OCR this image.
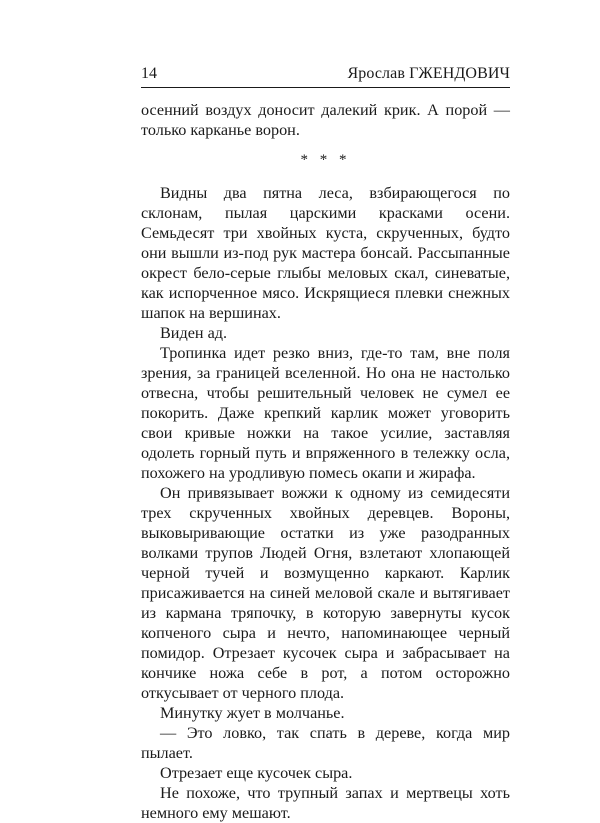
14	Ярослав ГЖЕНДОВИЧ

осенний воздух доносит далекий крик. А порой — только карканье ворон.

* * *

Видны два пятна леса, взбирающегося по склонам, пылая царскими красками осени. Семьдесят три хвойных куста, скрученных, будто они вышли из-под рук мастера бонсай. Рассыпанные окрест бело-серые глыбы меловых скал, синеватые, как испорченное мясо. Искрящиеся плевки снежных шапок на вершинах.

Виден ад.

Тропинка идет резко вниз, где-то там, вне поля зрения, за границей вселенной. Но она не настолько отвесна, чтобы решительный человек не сумел ее покорить. Даже крепкий карлик может уговорить свои кривые ножки на такое усилие, заставляя одолеть горный путь и впряженного в тележку осла, похожего на уродливую помесь окапи и жирафа.

Он привязывает вожжи к одному из семидесяти трех скрученных хвойных деревцев. Вороны, выковыривающие остатки из уже разодранных волками трупов Людей Огня, взлетают хлопающей черной тучей и возмущенно каркают. Карлик присаживается на синей меловой скале и вытягивает из кармана тряпочку, в которую завернуты кусок копченого сыра и нечто, напоминающее черный помидор. Отрезает кусочек сыра и забрасывает на кончике ножа себе в рот, а потом осторожно откусывает от черного плода.

Минутку жует в молчанье.

— Это ловко, так спать в дереве, когда мир пылает.

Отрезает еще кусочек сыра.

Не похоже, что трупный запах и мертвецы хоть немного ему мешают.
